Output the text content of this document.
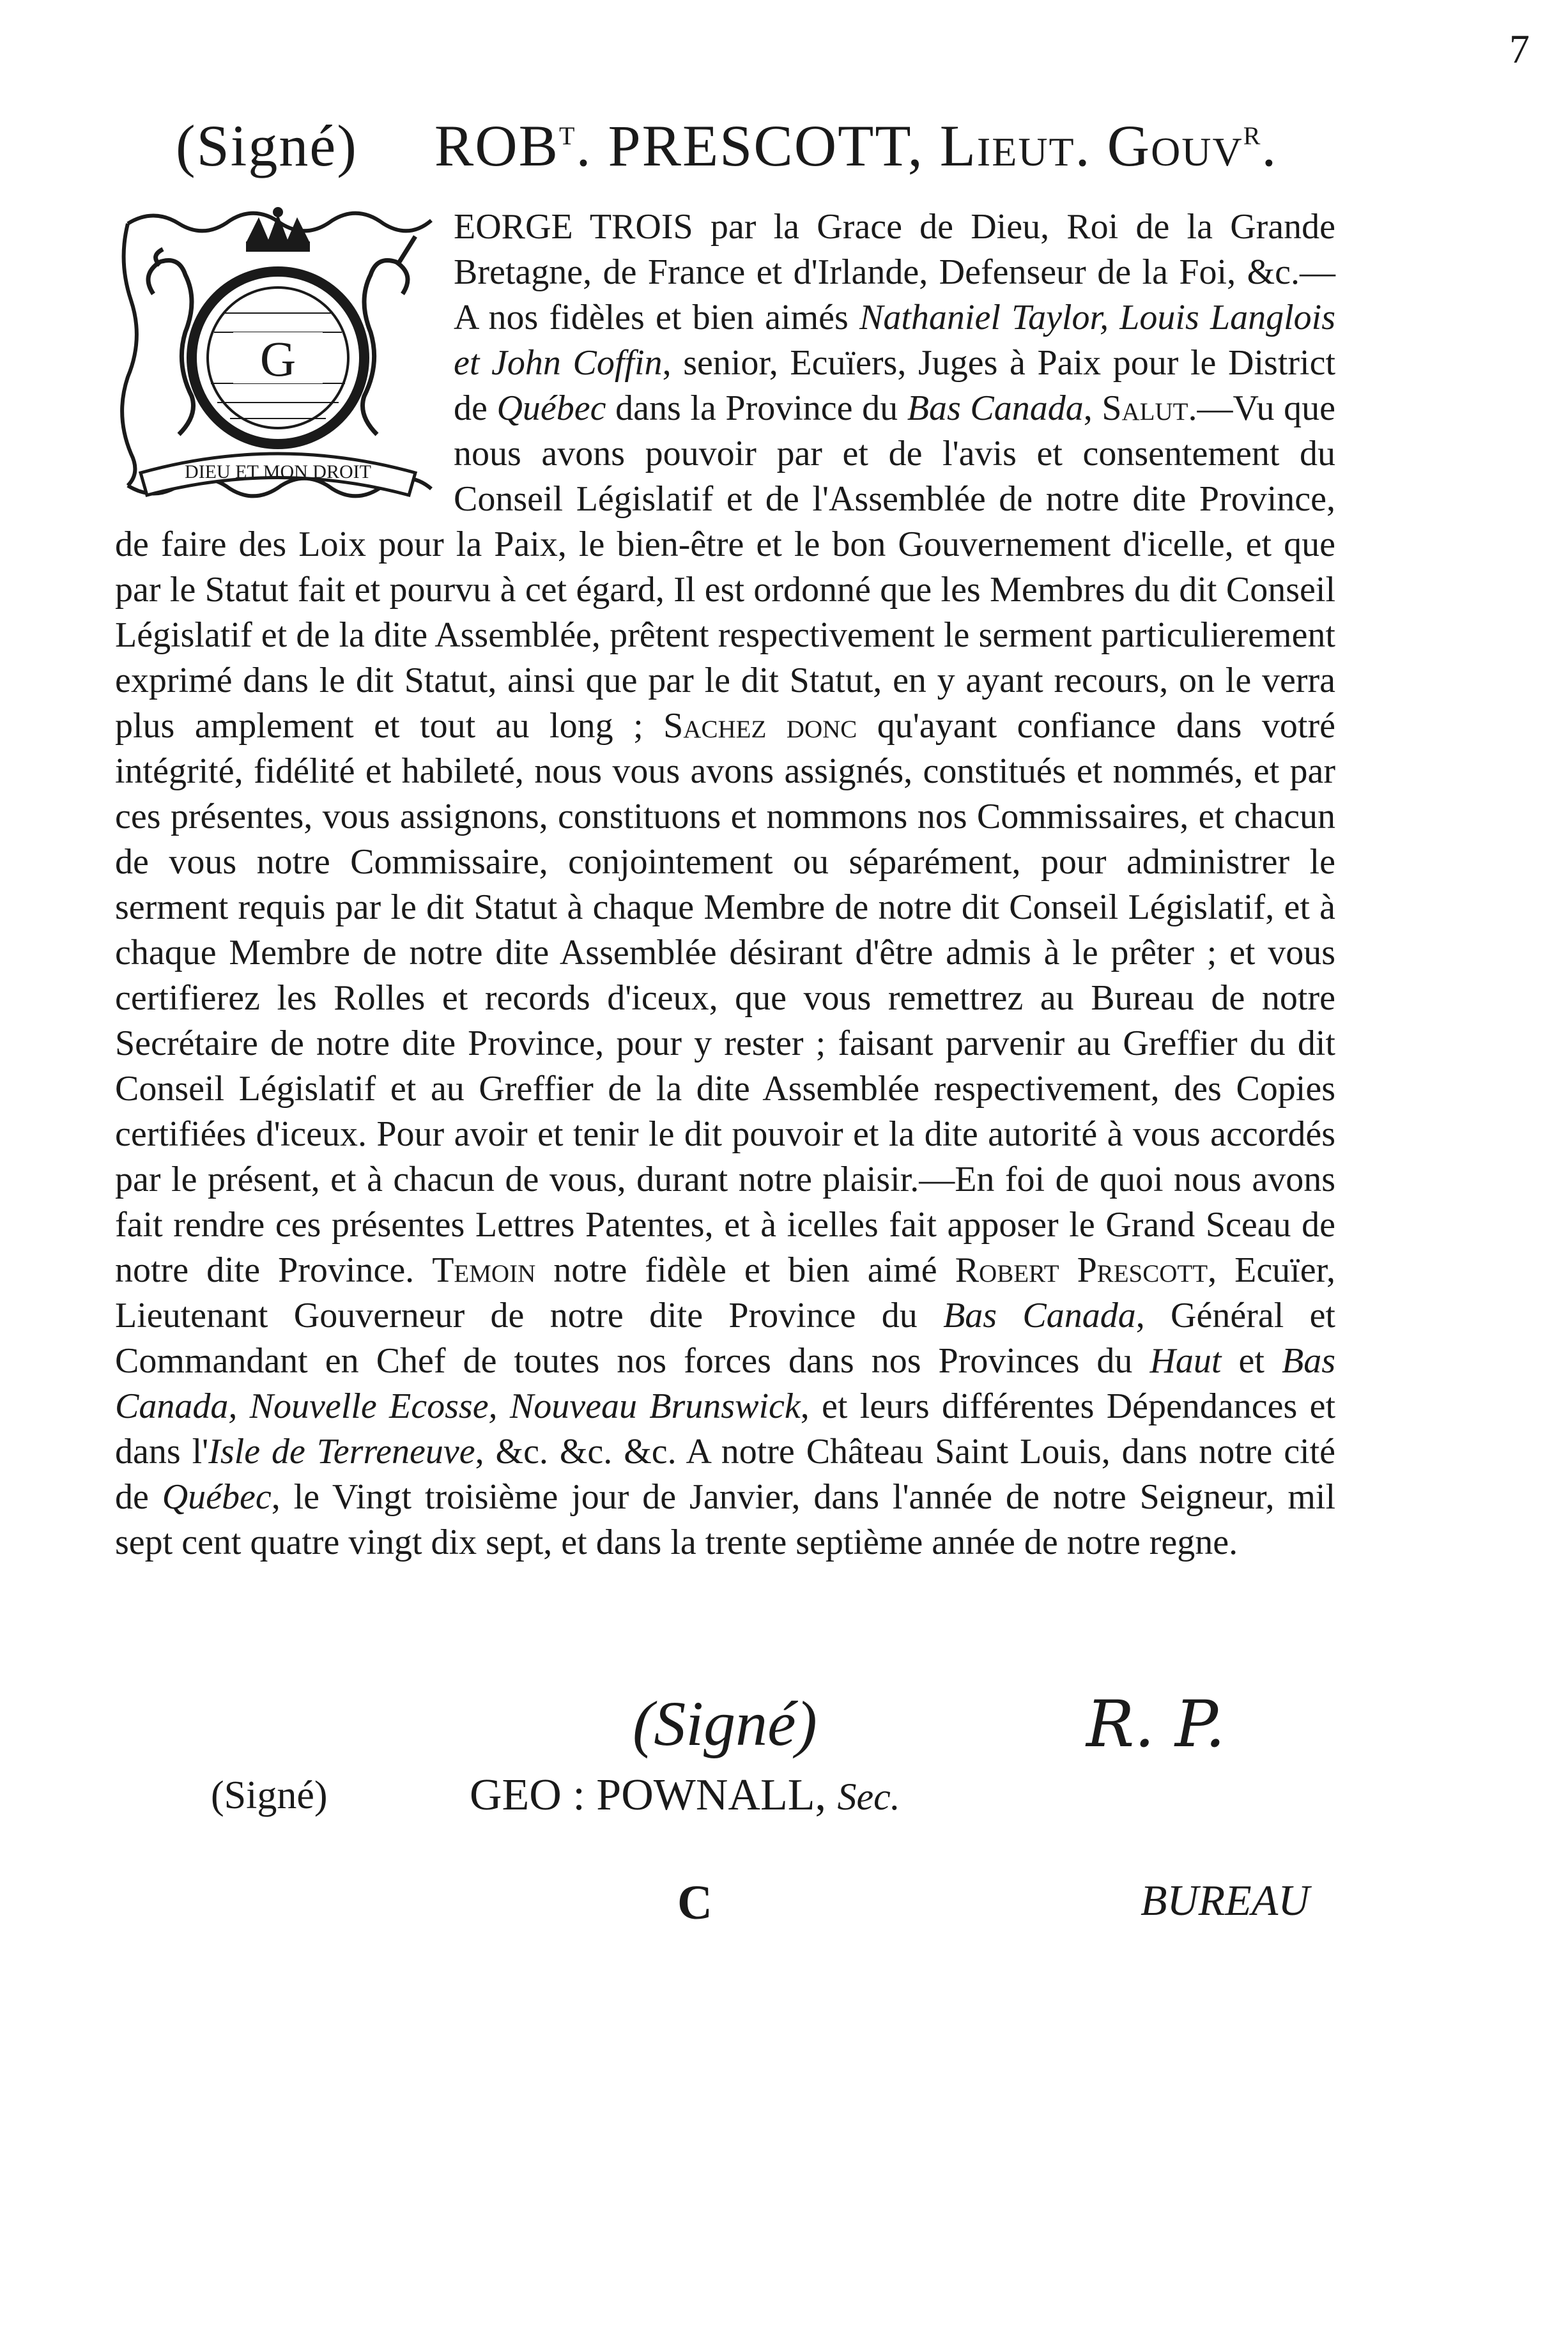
7
(Signé) $ROB^T$. PRESCOTT, Lieut. Gouv$^R$.
G
DIEU ET MON DROIT
EORGE TROIS par la Grace de Dieu, Roi de la Grande Bretagne, de France et d'Irlande, Defenseur de la Foi, &c.—A nos fidèles et bien aimés Nathaniel Taylor, Louis Langlois et John Coffin, senior, Ecuïers, Juges à Paix pour le District de Québec dans la Province du Bas Canada, Salut.—Vu que nous avons pouvoir par et de l'avis et consentement du Conseil Législatif et de l'Assemblée de notre dite Province, de faire des Loix pour la Paix, le bien-être et le bon Gouvernement d'icelle, et que par le Statut fait et pourvu à cet égard, Il est ordonné que les Membres du dit Conseil Législatif et de la dite Assemblée, prêtent respectivement le serment particulierement exprimé dans le dit Statut, ainsi que par le dit Statut, en y ayant recours, on le verra plus amplement et tout au long ; Sachez donc qu'ayant confiance dans votré intégrité, fidélité et habileté, nous vous avons assignés, constitués et nommés, et par ces présentes, vous assignons, constituons et nommons nos Commissaires, et chacun de vous notre Commissaire, conjointement ou séparément, pour administrer le serment requis par le dit Statut à chaque Membre de notre dit Conseil Législatif, et à chaque Membre de notre dite Assemblée désirant d'être admis à le prêter ; et vous certifierez les Rolles et records d'iceux, que vous remettrez au Bureau de notre Secrétaire de notre dite Province, pour y rester ; faisant parvenir au Greffier du dit Conseil Législatif et au Greffier de la dite Assemblée respectivement, des Copies certifiées d'iceux. Pour avoir et tenir le dit pouvoir et la dite autorité à vous accordés par le présent, et à chacun de vous, durant notre plaisir.—En foi de quoi nous avons fait rendre ces présentes Lettres Patentes, et à icelles fait apposer le Grand Sceau de notre dite Province. Temoin notre fidèle et bien aimé Robert Prescott, Ecuïer, Lieutenant Gouverneur de notre dite Province du Bas Canada, Général et Commandant en Chef de toutes nos forces dans nos Provinces du Haut et Bas Canada, Nouvelle Ecosse, Nouveau Brunswick, et leurs différentes Dépendances et dans l'Isle de Terreneuve, &c. &c. &c. A notre Château Saint Louis, dans notre cité de Québec, le Vingt troisième jour de Janvier, dans l'année de notre Seigneur, mil sept cent quatre vingt dix sept, et dans la trente septième année de notre regne.
(Signé)	R. P.
(Signé)	GEO : POWNALL, Sec.
C	BUREAU
